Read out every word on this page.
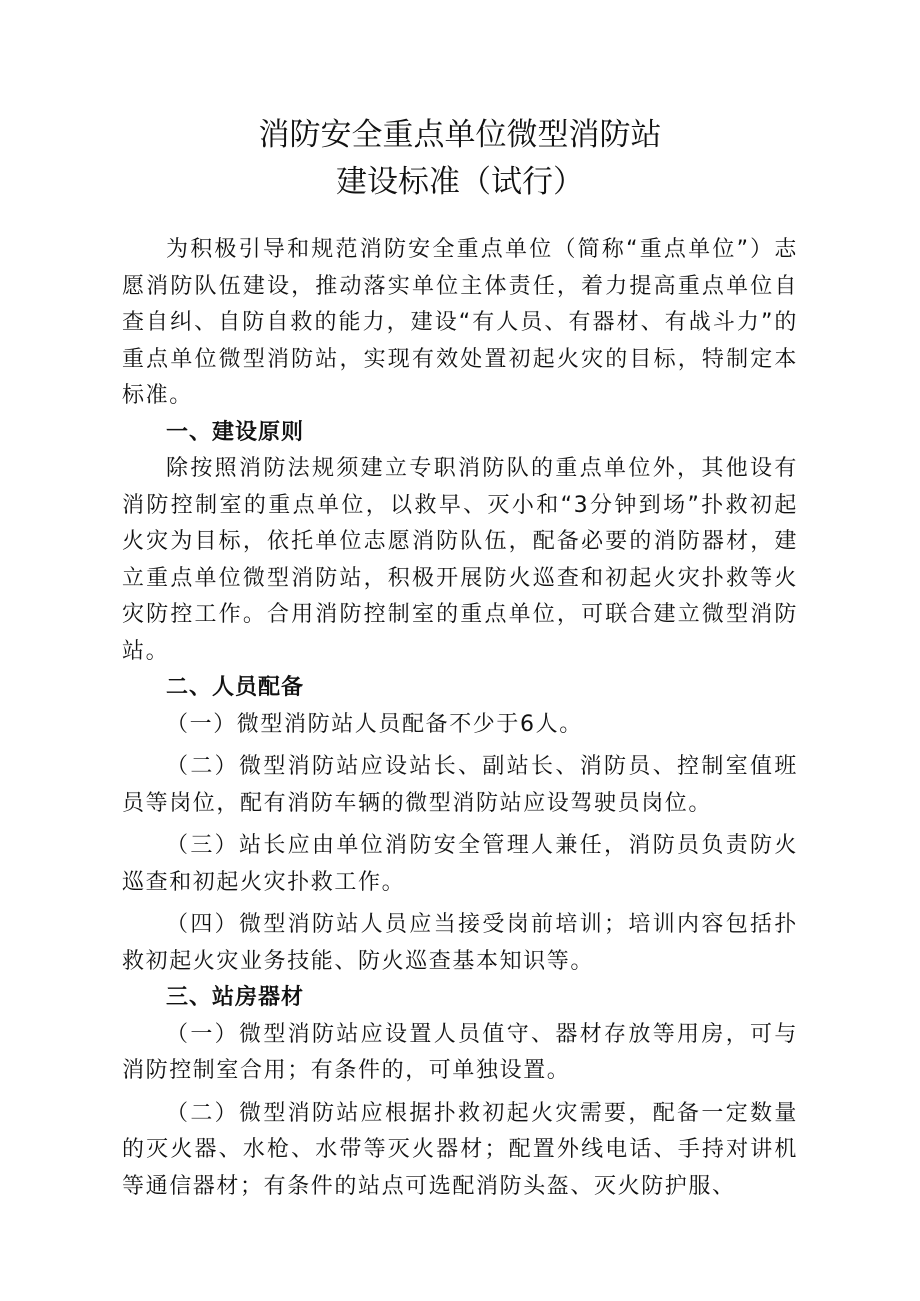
消防安全重点单位微型消防站
建设标准（试行）

为积极引导和规范消防安全重点单位（简称“重点单位”）志愿消防队伍建设，推动落实单位主体责任，着力提高重点单位自查自纠、自防自救的能力，建设“有人员、有器材、有战斗力”的重点单位微型消防站，实现有效处置初起火灾的目标，特制定本标准。

一、建设原则

除按照消防法规须建立专职消防队的重点单位外，其他设有消防控制室的重点单位，以救早、灭小和“3分钟到场”扑救初起火灾为目标，依托单位志愿消防队伍，配备必要的消防器材，建立重点单位微型消防站，积极开展防火巡查和初起火灾扑救等火灾防控工作。合用消防控制室的重点单位，可联合建立微型消防站。

二、人员配备

（一）微型消防站人员配备不少于6人。

（二）微型消防站应设站长、副站长、消防员、控制室值班员等岗位，配有消防车辆的微型消防站应设驾驶员岗位。

（三）站长应由单位消防安全管理人兼任，消防员负责防火巡查和初起火灾扑救工作。

（四）微型消防站人员应当接受岗前培训；培训内容包括扑救初起火灾业务技能、防火巡查基本知识等。

三、站房器材

（一）微型消防站应设置人员值守、器材存放等用房，可与消防控制室合用；有条件的，可单独设置。

（二）微型消防站应根据扑救初起火灾需要，配备一定数量的灭火器、水枪、水带等灭火器材；配置外线电话、手持对讲机等通信器材；有条件的站点可选配消防头盔、灭火防护服、
